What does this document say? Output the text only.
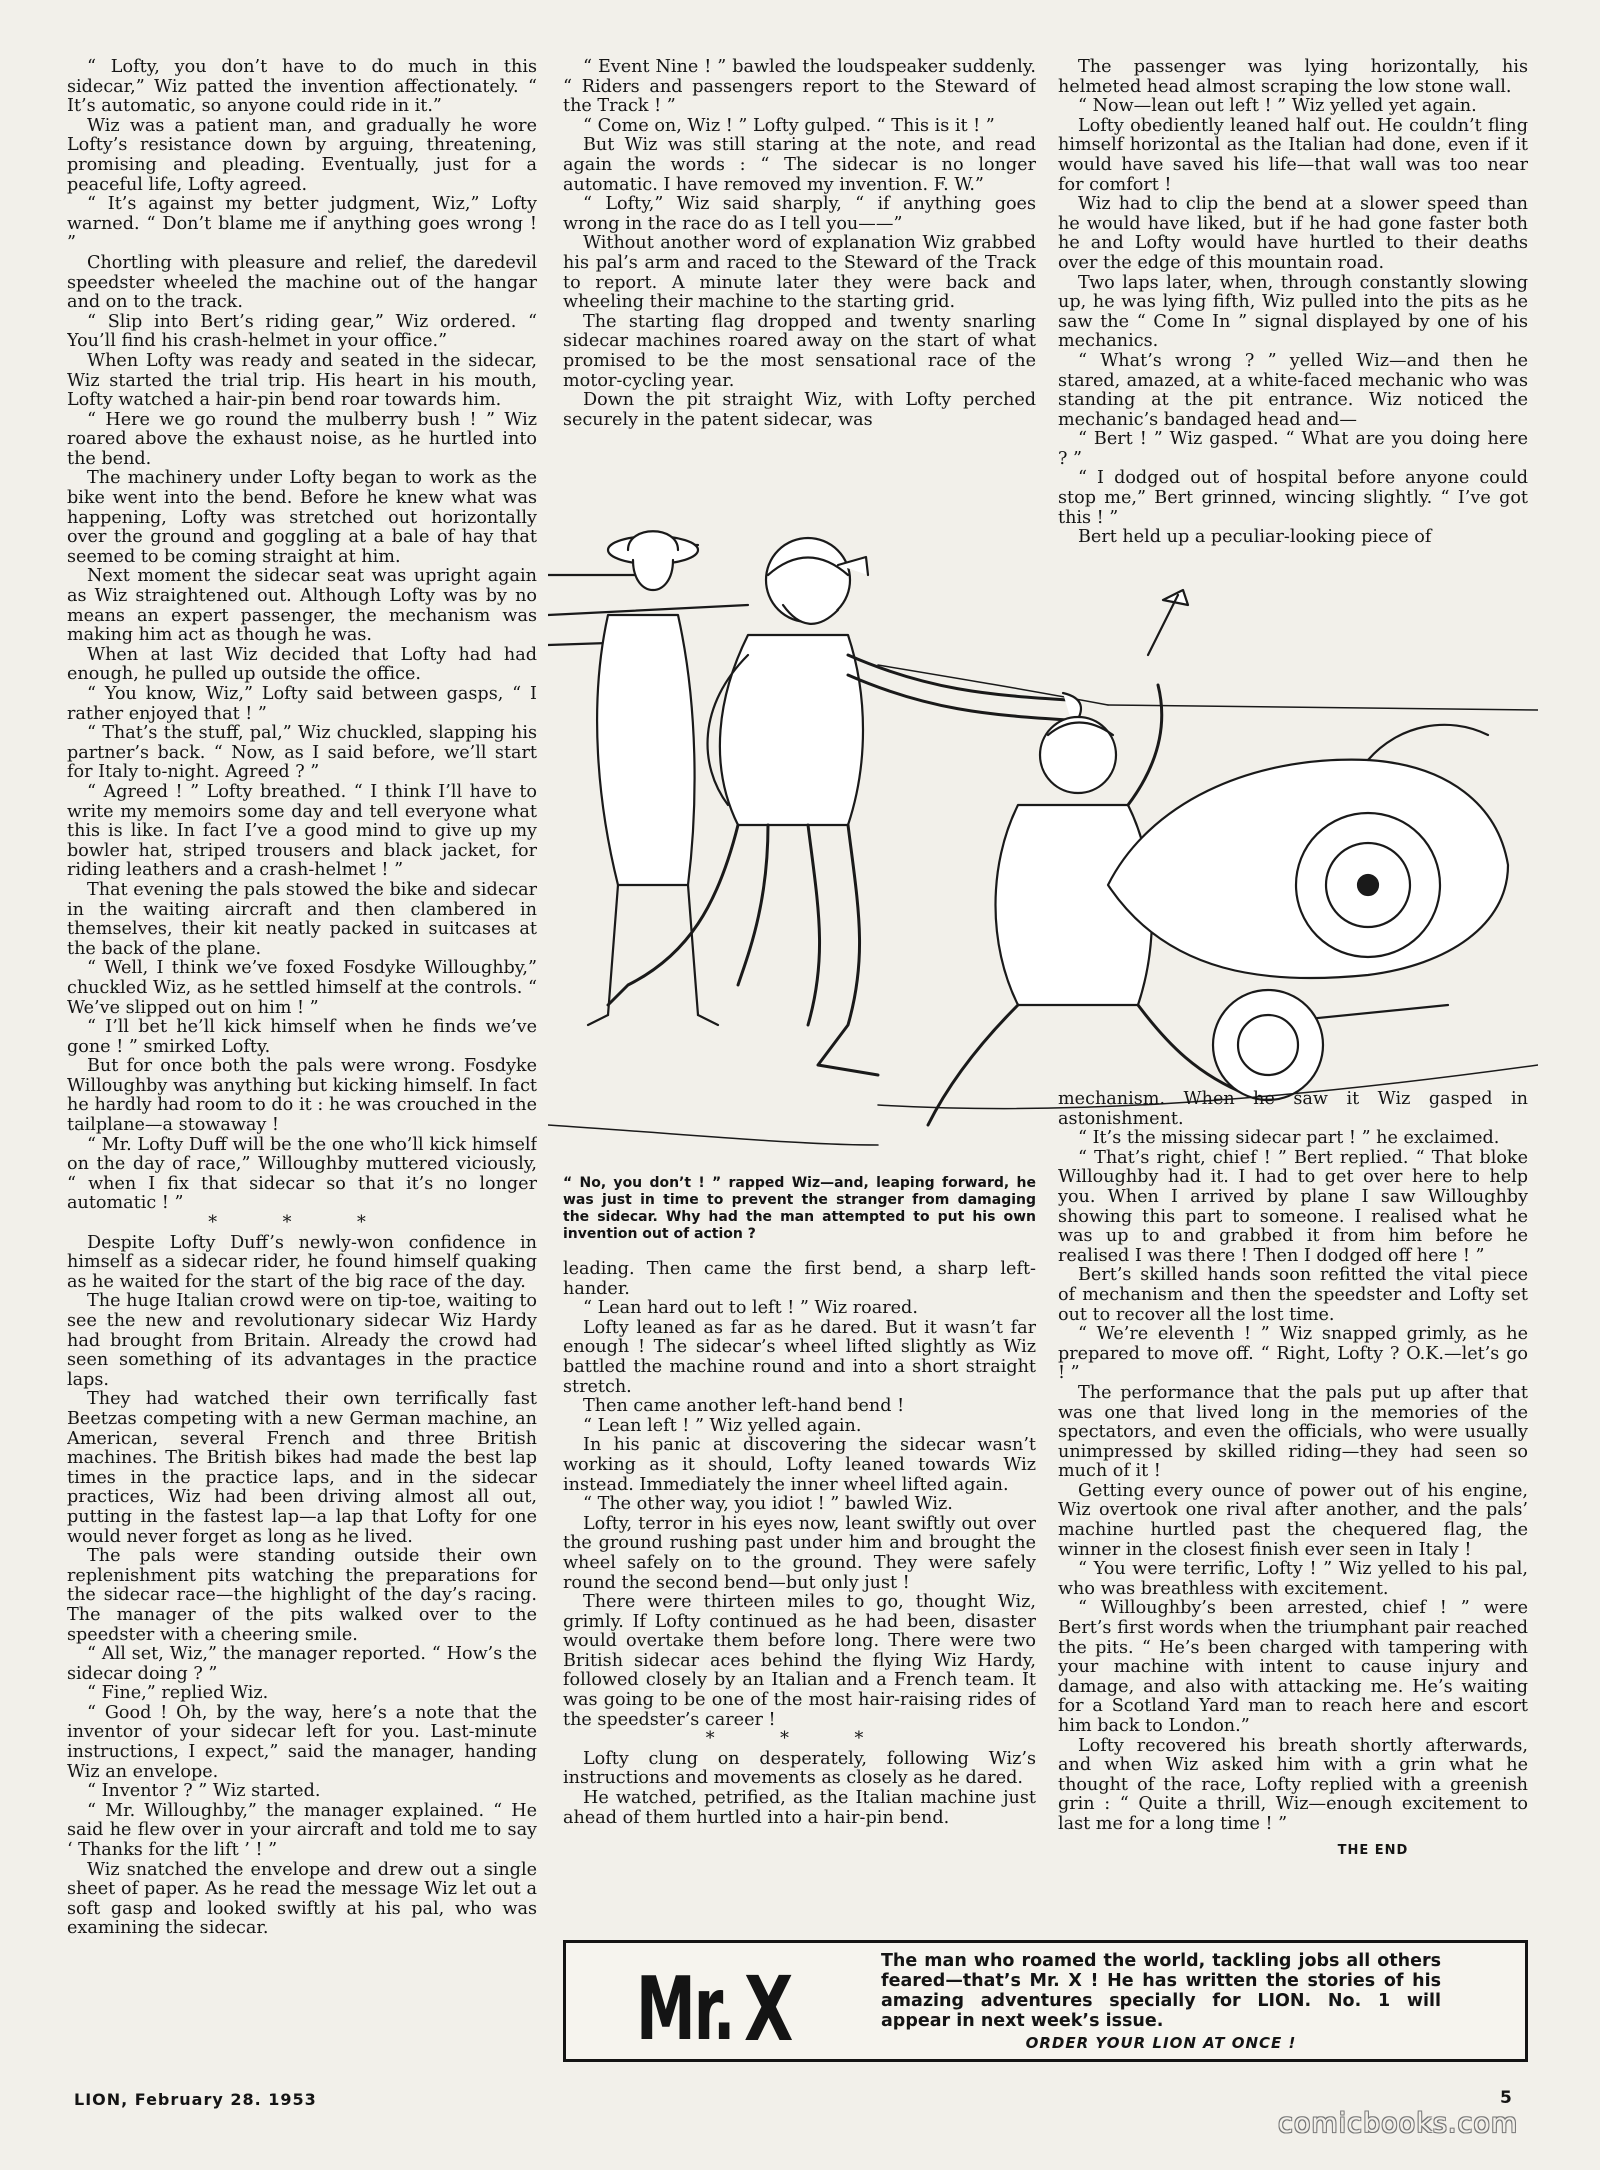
“ Lofty, you don’t have to do much in this sidecar,” Wiz patted the invention affectionately. “ It’s automatic, so anyone could ride in it.”

Wiz was a patient man, and gradually he wore Lofty’s resistance down by arguing, threatening, promising and pleading. Eventually, just for a peaceful life, Lofty agreed.

“ It’s against my better judgment, Wiz,” Lofty warned. “ Don’t blame me if anything goes wrong ! ”

Chortling with pleasure and relief, the daredevil speedster wheeled the machine out of the hangar and on to the track.

“ Slip into Bert’s riding gear,” Wiz ordered. “ You’ll find his crash-helmet in your office.”

When Lofty was ready and seated in the sidecar, Wiz started the trial trip. His heart in his mouth, Lofty watched a hair-pin bend roar towards him.

“ Here we go round the mulberry bush ! ” Wiz roared above the exhaust noise, as he hurtled into the bend.

The machinery under Lofty began to work as the bike went into the bend. Before he knew what was happening, Lofty was stretched out horizontally over the ground and goggling at a bale of hay that seemed to be coming straight at him.

Next moment the sidecar seat was upright again as Wiz straightened out. Although Lofty was by no means an expert passenger, the mechanism was making him act as though he was.

When at last Wiz decided that Lofty had had enough, he pulled up outside the office.

“ You know, Wiz,” Lofty said between gasps, “ I rather enjoyed that ! ”

“ That’s the stuff, pal,” Wiz chuckled, slapping his partner’s back. “ Now, as I said before, we’ll start for Italy to-night. Agreed ? ”

“ Agreed ! ” Lofty breathed. “ I think I’ll have to write my memoirs some day and tell everyone what this is like. In fact I’ve a good mind to give up my bowler hat, striped trousers and black jacket, for riding leathers and a crash-helmet ! ”

That evening the pals stowed the bike and sidecar in the waiting aircraft and then clambered in themselves, their kit neatly packed in suitcases at the back of the plane.

“ Well, I think we’ve foxed Fosdyke Willoughby,” chuckled Wiz, as he settled himself at the controls. “ We’ve slipped out on him ! ”

“ I’ll bet he’ll kick himself when he finds we’ve gone ! ” smirked Lofty.

But for once both the pals were wrong. Fosdyke Willoughby was anything but kicking himself. In fact he hardly had room to do it : he was crouched in the tailplane—a stowaway !

“ Mr. Lofty Duff will be the one who’ll kick himself on the day of race,” Willoughby muttered viciously, “ when I fix that sidecar so that it’s no longer automatic ! ”

* * *

Despite Lofty Duff’s newly-won confidence in himself as a sidecar rider, he found himself quaking as he waited for the start of the big race of the day.

The huge Italian crowd were on tip-toe, waiting to see the new and revolutionary sidecar Wiz Hardy had brought from Britain. Already the crowd had seen something of its advantages in the practice laps.

They had watched their own terrifically fast Beetzas competing with a new German machine, an American, several French and three British machines. The British bikes had made the best lap times in the practice laps, and in the sidecar practices, Wiz had been driving almost all out, putting in the fastest lap—a lap that Lofty for one would never forget as long as he lived.

The pals were standing outside their own replenishment pits watching the preparations for the sidecar race—the highlight of the day’s racing. The manager of the pits walked over to the speedster with a cheering smile.

“ All set, Wiz,” the manager reported. “ How’s the sidecar doing ? ”

“ Fine,” replied Wiz.

“ Good ! Oh, by the way, here’s a note that the inventor of your sidecar left for you. Last-minute instructions, I expect,” said the manager, handing Wiz an envelope.

“ Inventor ? ” Wiz started.

“ Mr. Willoughby,” the manager explained. “ He said he flew over in your aircraft and told me to say ‘ Thanks for the lift ’ ! ”

Wiz snatched the envelope and drew out a single sheet of paper. As he read the message Wiz let out a soft gasp and looked swiftly at his pal, who was examining the sidecar.

“ Event Nine ! ” bawled the loudspeaker suddenly. “ Riders and passengers report to the Steward of the Track ! ”

“ Come on, Wiz ! ” Lofty gulped. “ This is it ! ”

But Wiz was still staring at the note, and read again the words : “ The sidecar is no longer automatic. I have removed my invention. F. W.”

“ Lofty,” Wiz said sharply, “ if anything goes wrong in the race do as I tell you——”

Without another word of explanation Wiz grabbed his pal’s arm and raced to the Steward of the Track to report. A minute later they were back and wheeling their machine to the starting grid.

The starting flag dropped and twenty snarling sidecar machines roared away on the start of what promised to be the most sensational race of the motor-cycling year.

Down the pit straight Wiz, with Lofty perched securely in the patent sidecar, was

The passenger was lying horizontally, his helmeted head almost scraping the low stone wall.

“ Now—lean out left ! ” Wiz yelled yet again.

Lofty obediently leaned half out. He couldn’t fling himself horizontal as the Italian had done, even if it would have saved his life—that wall was too near for comfort !

Wiz had to clip the bend at a slower speed than he would have liked, but if he had gone faster both he and Lofty would have hurtled to their deaths over the edge of this mountain road.

Two laps later, when, through constantly slowing up, he was lying fifth, Wiz pulled into the pits as he saw the “ Come In ” signal displayed by one of his mechanics.

“ What’s wrong ? ” yelled Wiz—and then he stared, amazed, at a white-faced mechanic who was standing at the pit entrance. Wiz noticed the mechanic’s bandaged head and—

“ Bert ! ” Wiz gasped. “ What are you doing here ? ”

“ I dodged out of hospital before anyone could stop me,” Bert grinned, wincing slightly. “ I’ve got this ! ”

Bert held up a peculiar-looking piece of

“ No, you don’t ! ” rapped Wiz—and, leaping forward, he was just in time to prevent the stranger from damaging the sidecar. Why had the man attempted to put his own invention out of action ?

leading. Then came the first bend, a sharp left-hander.

“ Lean hard out to left ! ” Wiz roared.

Lofty leaned as far as he dared. But it wasn’t far enough ! The sidecar’s wheel lifted slightly as Wiz battled the machine round and into a short straight stretch.

Then came another left-hand bend !

“ Lean left ! ” Wiz yelled again.

In his panic at discovering the sidecar wasn’t working as it should, Lofty leaned towards Wiz instead. Immediately the inner wheel lifted again.

“ The other way, you idiot ! ” bawled Wiz.

Lofty, terror in his eyes now, leant swiftly out over the ground rushing past under him and brought the wheel safely on to the ground. They were safely round the second bend—but only just !

There were thirteen miles to go, thought Wiz, grimly. If Lofty continued as he had been, disaster would overtake them before long. There were two British sidecar aces behind the flying Wiz Hardy, followed closely by an Italian and a French team. It was going to be one of the most hair-raising rides of the speedster’s career !

* * *

Lofty clung on desperately, following Wiz’s instructions and movements as closely as he dared.

He watched, petrified, as the Italian machine just ahead of them hurtled into a hair-pin bend.

mechanism. When he saw it Wiz gasped in astonishment.

“ It’s the missing sidecar part ! ” he exclaimed.

“ That’s right, chief ! ” Bert replied. “ That bloke Willoughby had it. I had to get over here to help you. When I arrived by plane I saw Willoughby showing this part to someone. I realised what he was up to and grabbed it from him before he realised I was there ! Then I dodged off here ! ”

Bert’s skilled hands soon refitted the vital piece of mechanism and then the speedster and Lofty set out to recover all the lost time.

“ We’re eleventh ! ” Wiz snapped grimly, as he prepared to move off. “ Right, Lofty ? O.K.—let’s go ! ”

The performance that the pals put up after that was one that lived long in the memories of the spectators, and even the officials, who were usually unimpressed by skilled riding—they had seen so much of it !

Getting every ounce of power out of his engine, Wiz overtook one rival after another, and the pals’ machine hurtled past the chequered flag, the winner in the closest finish ever seen in Italy !

“ You were terrific, Lofty ! ” Wiz yelled to his pal, who was breathless with excitement.

“ Willoughby’s been arrested, chief ! ” were Bert’s first words when the triumphant pair reached the pits. “ He’s been charged with tampering with your machine with intent to cause injury and damage, and also with attacking me. He’s waiting for a Scotland Yard man to reach here and escort him back to London.”

Lofty recovered his breath shortly afterwards, and when Wiz asked him with a grin what he thought of the race, Lofty replied with a greenish grin : “ Quite a thrill, Wiz—enough excitement to last me for a long time ! ”

THE END

Mr. X	The man who roamed the world, tackling jobs all others feared—that’s Mr. X ! He has written the stories of his amazing adventures specially for LION. No. 1 will appear in next week’s issue.
ORDER YOUR LION AT ONCE !
LION, February 28. 1953	5
comicbooks.com
